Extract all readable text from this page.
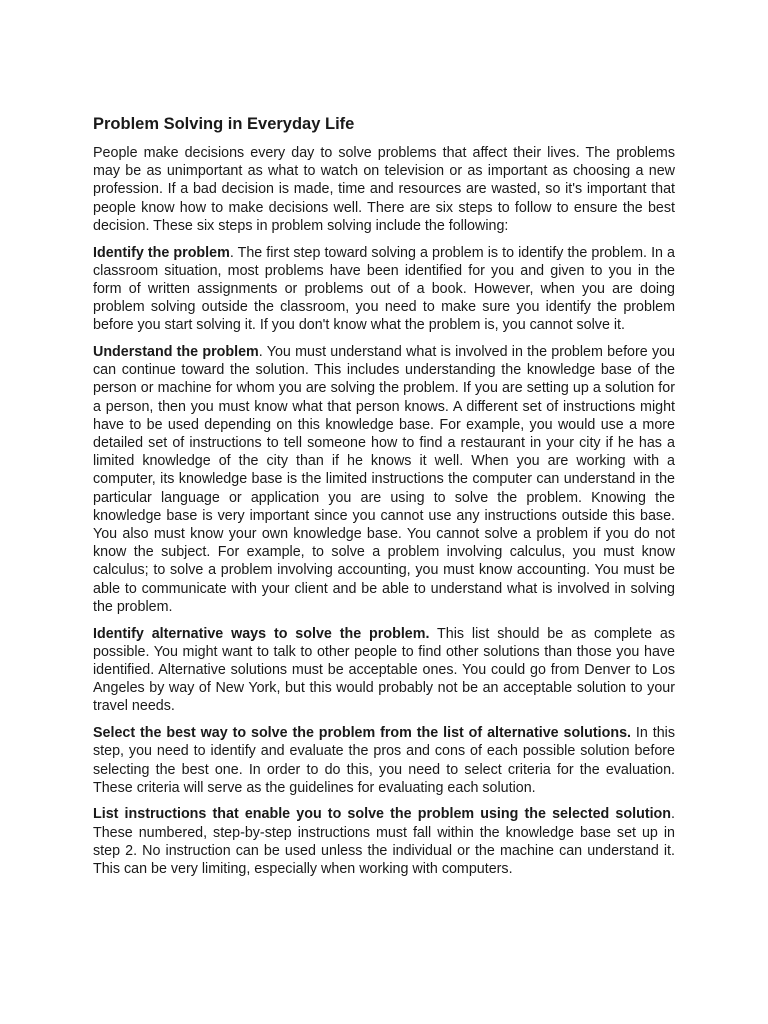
Problem Solving in Everyday Life

People make decisions every day to solve problems that affect their lives. The problems may be as unimportant as what to watch on television or as important as choosing a new profession. If a bad decision is made, time and resources are wasted, so it's important that people know how to make decisions well. There are six steps to follow to ensure the best decision. These six steps in problem solving include the following:

Identify the problem. The first step toward solving a problem is to identify the problem. In a classroom situation, most problems have been identified for you and given to you in the form of written assignments or problems out of a book. However, when you are doing problem solving outside the classroom, you need to make sure you identify the problem before you start solving it. If you don't know what the problem is, you cannot solve it.

Understand the problem. You must understand what is involved in the problem before you can continue toward the solution. This includes understanding the knowledge base of the person or machine for whom you are solving the problem. If you are setting up a solution for a person, then you must know what that person knows. A different set of instructions might have to be used depending on this knowledge base. For example, you would use a more detailed set of instructions to tell someone how to find a restaurant in your city if he has a limited knowledge of the city than if he knows it well. When you are working with a computer, its knowledge base is the limited instructions the computer can understand in the particular language or application you are using to solve the problem. Knowing the knowledge base is very important since you cannot use any instructions outside this base. You also must know your own knowledge base. You cannot solve a problem if you do not know the subject. For example, to solve a problem involving calculus, you must know calculus; to solve a problem involving accounting, you must know accounting. You must be able to communicate with your client and be able to understand what is involved in solving the problem.

Identify alternative ways to solve the problem. This list should be as complete as possible. You might want to talk to other people to find other solutions than those you have identified. Alternative solutions must be acceptable ones. You could go from Denver to Los Angeles by way of New York, but this would probably not be an acceptable solution to your travel needs.

Select the best way to solve the problem from the list of alternative solutions. In this step, you need to identify and evaluate the pros and cons of each possible solution before selecting the best one. In order to do this, you need to select criteria for the evaluation. These criteria will serve as the guidelines for evaluating each solution.

List instructions that enable you to solve the problem using the selected solution. These numbered, step-by-step instructions must fall within the knowledge base set up in step 2. No instruction can be used unless the individual or the machine can understand it. This can be very limiting, especially when working with computers.
